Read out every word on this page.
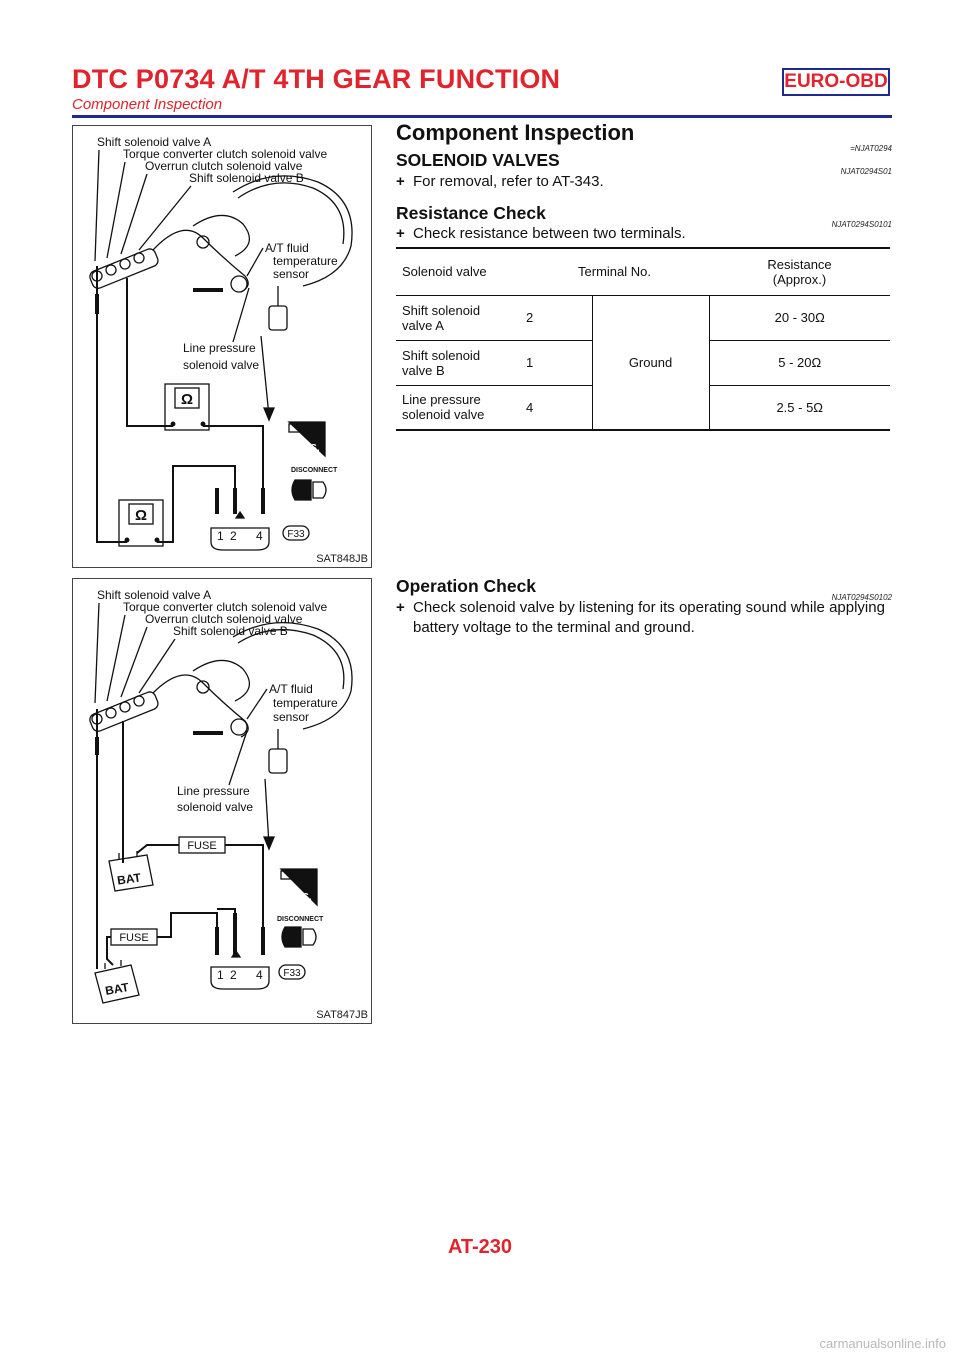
DTC P0734 A/T 4TH GEAR FUNCTION	EURO-OBD
Component Inspection
Shift solenoid valve A
Torque converter clutch solenoid valve
Overrun clutch solenoid valve
Shift solenoid valve B
A/T fluid
temperature
sensor
Line pressure
solenoid valve
Ω
Ω
1 2 4 F33
T.S.
DISCONNECT
SAT848JB
Shift solenoid valve A
Torque converter clutch solenoid valve
Overrun clutch solenoid valve
Shift solenoid valve B
A/T fluid
temperature
sensor
Line pressure
solenoid valve
FUSE
BAT
FUSE
BAT
1 2 4 F33
T.S.
DISCONNECT
SAT847JB
Component Inspection
=NJAT0294
SOLENOID VALVES
NJAT0294S01
+ For removal, refer to AT-343.
Resistance Check
NJAT0294S0101
+ Check resistance between two terminals.
Solenoid valve	Terminal No.		Resistance
(Approx.)
Shift solenoid
valve A	2	Ground	20 - 30Ω
Shift solenoid
valve B	1		5 - 20Ω
Line pressure
solenoid valve	4		2.5 - 5Ω
Operation Check
NJAT0294S0102
+ Check solenoid valve by listening for its operating sound while applying battery voltage to the terminal and ground.
AT-230
carmanualsonline.info
